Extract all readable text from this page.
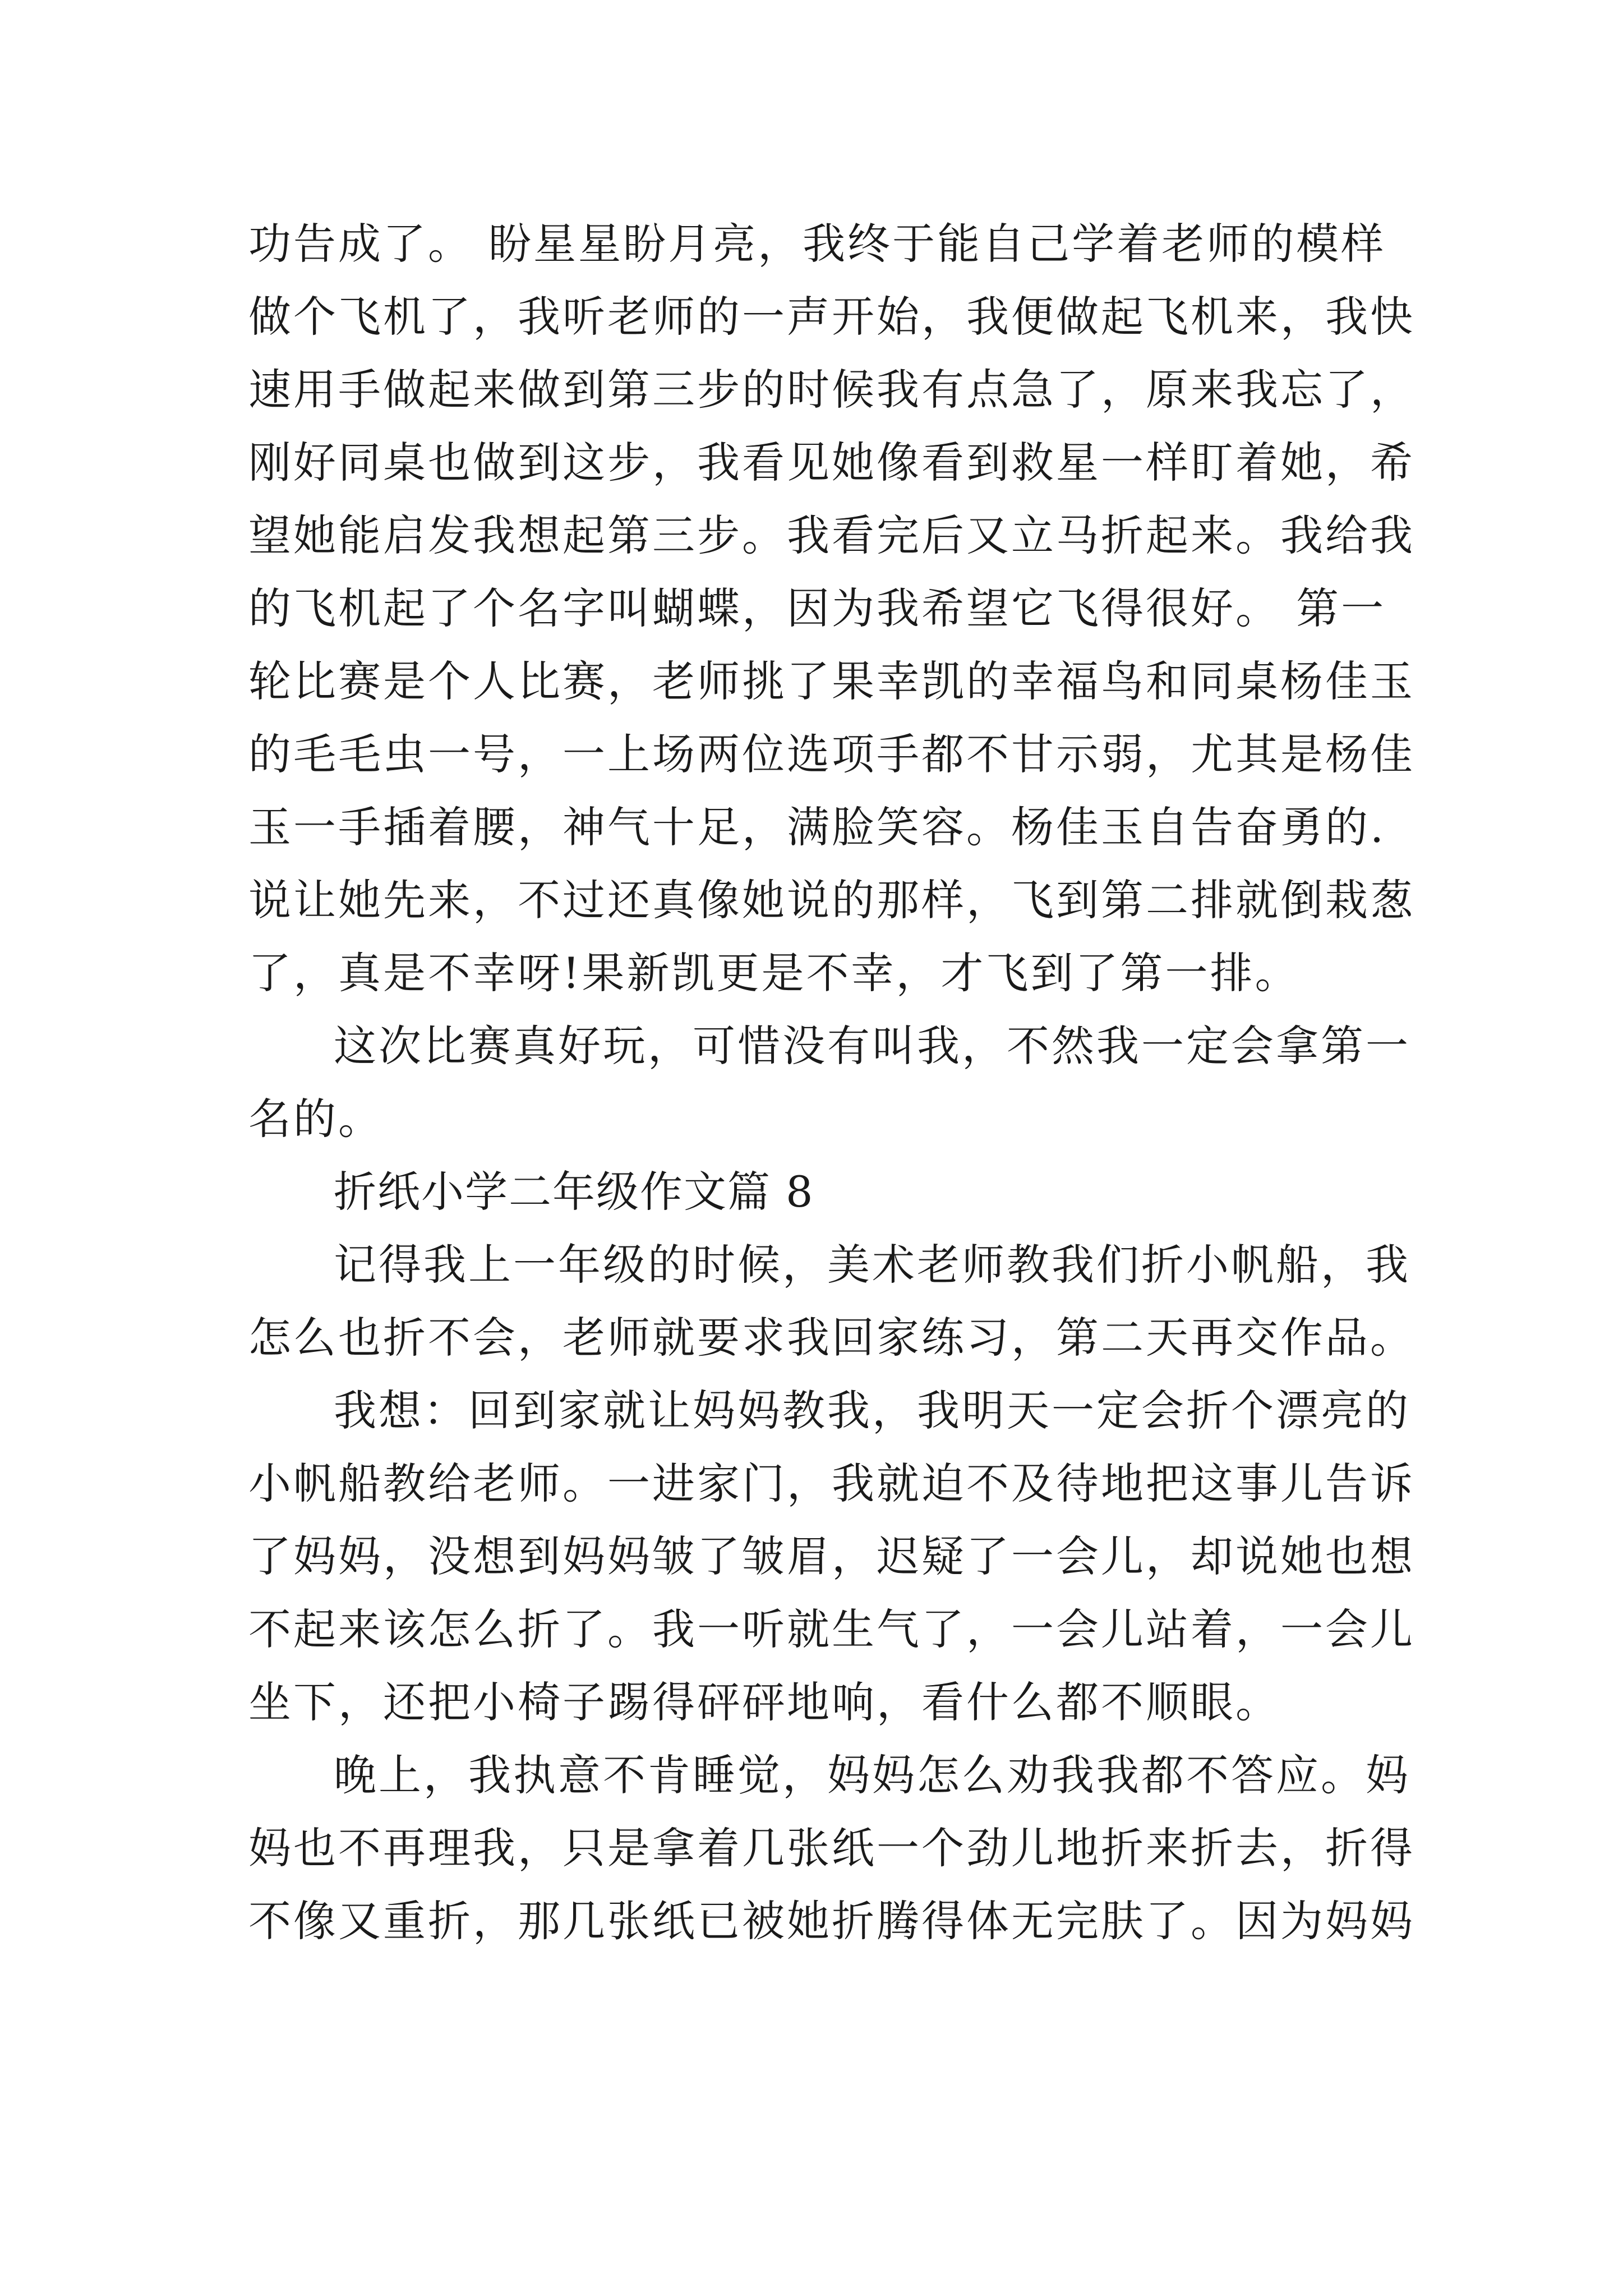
功告成了。 盼星星盼月亮，我终于能自己学着老师的模样
做个飞机了，我听老师的一声开始，我便做起飞机来，我快
速用手做起来做到第三步的时候我有点急了，原来我忘了，
刚好同桌也做到这步，我看见她像看到救星一样盯着她，希
望她能启发我想起第三步。我看完后又立马折起来。我给我
的飞机起了个名字叫蝴蝶，因为我希望它飞得很好。 第一
轮比赛是个人比赛，老师挑了果幸凯的幸福鸟和同桌杨佳玉
的毛毛虫一号，一上场两位选项手都不甘示弱，尤其是杨佳
玉一手插着腰，神气十足，满脸笑容。杨佳玉自告奋勇的.
说让她先来，不过还真像她说的那样，飞到第二排就倒栽葱
了，真是不幸呀!果新凯更是不幸，才飞到了第一排。
这次比赛真好玩，可惜没有叫我，不然我一定会拿第一
名的。
折纸小学二年级作文篇 8
记得我上一年级的时候，美术老师教我们折小帆船，我
怎么也折不会，老师就要求我回家练习，第二天再交作品。
我想：回到家就让妈妈教我，我明天一定会折个漂亮的
小帆船教给老师。一进家门，我就迫不及待地把这事儿告诉
了妈妈，没想到妈妈皱了皱眉，迟疑了一会儿，却说她也想
不起来该怎么折了。我一听就生气了，一会儿站着，一会儿
坐下，还把小椅子踢得砰砰地响，看什么都不顺眼。
晚上，我执意不肯睡觉，妈妈怎么劝我我都不答应。妈
妈也不再理我，只是拿着几张纸一个劲儿地折来折去，折得
不像又重折，那几张纸已被她折腾得体无完肤了。因为妈妈
